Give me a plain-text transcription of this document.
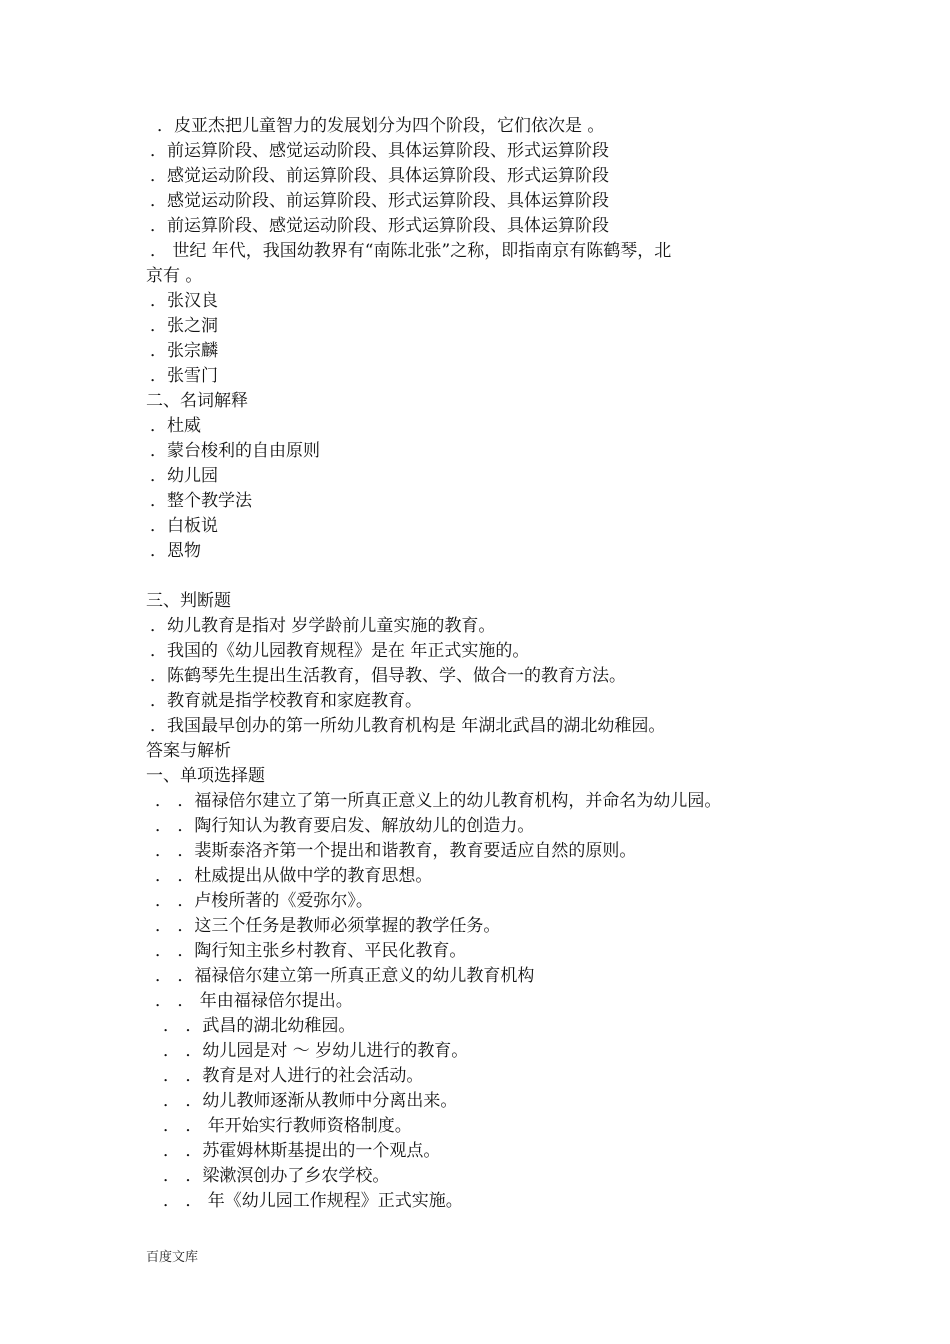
．皮亚杰把儿童智力的发展划分为四个阶段，它们依次是 。
．前运算阶段、感觉运动阶段、具体运算阶段、形式运算阶段
．感觉运动阶段、前运算阶段、具体运算阶段、形式运算阶段
．感觉运动阶段、前运算阶段、形式运算阶段、具体运算阶段
．前运算阶段、感觉运动阶段、形式运算阶段、具体运算阶段
． 世纪 年代，我国幼教界有“南陈北张”之称，即指南京有陈鹤琴，北
京有 。
．张汉良
．张之洞
．张宗麟
．张雪门
二、名词解释
．杜威
．蒙台梭利的自由原则
．幼儿园
．整个教学法
．白板说
．恩物
三、判断题
．幼儿教育是指对 岁学龄前儿童实施的教育。
．我国的《幼儿园教育规程》是在 年正式实施的。
．陈鹤琴先生提出生活教育，倡导教、学、做合一的教育方法。
．教育就是指学校教育和家庭教育。
．我国最早创办的第一所幼儿教育机构是 年湖北武昌的湖北幼稚园。
答案与解析
一、单项选择题
． ．福禄倍尔建立了第一所真正意义上的幼儿教育机构，并命名为幼儿园。
． ．陶行知认为教育要启发、解放幼儿的创造力。
． ．裴斯泰洛齐第一个提出和谐教育，教育要适应自然的原则。
． ．杜威提出从做中学的教育思想。
． ．卢梭所著的《爱弥尔》。
． ．这三个任务是教师必须掌握的教学任务。
． ．陶行知主张乡村教育、平民化教育。
． ．福禄倍尔建立第一所真正意义的幼儿教育机构
． ． 年由福禄倍尔提出。
． ．武昌的湖北幼稚园。
． ．幼儿园是对 ～ 岁幼儿进行的教育。
． ．教育是对人进行的社会活动。
． ．幼儿教师逐渐从教师中分离出来。
． ． 年开始实行教师资格制度。
． ．苏霍姆林斯基提出的一个观点。
． ．梁漱溟创办了乡农学校。
． ． 年《幼儿园工作规程》正式实施。
百度文库
